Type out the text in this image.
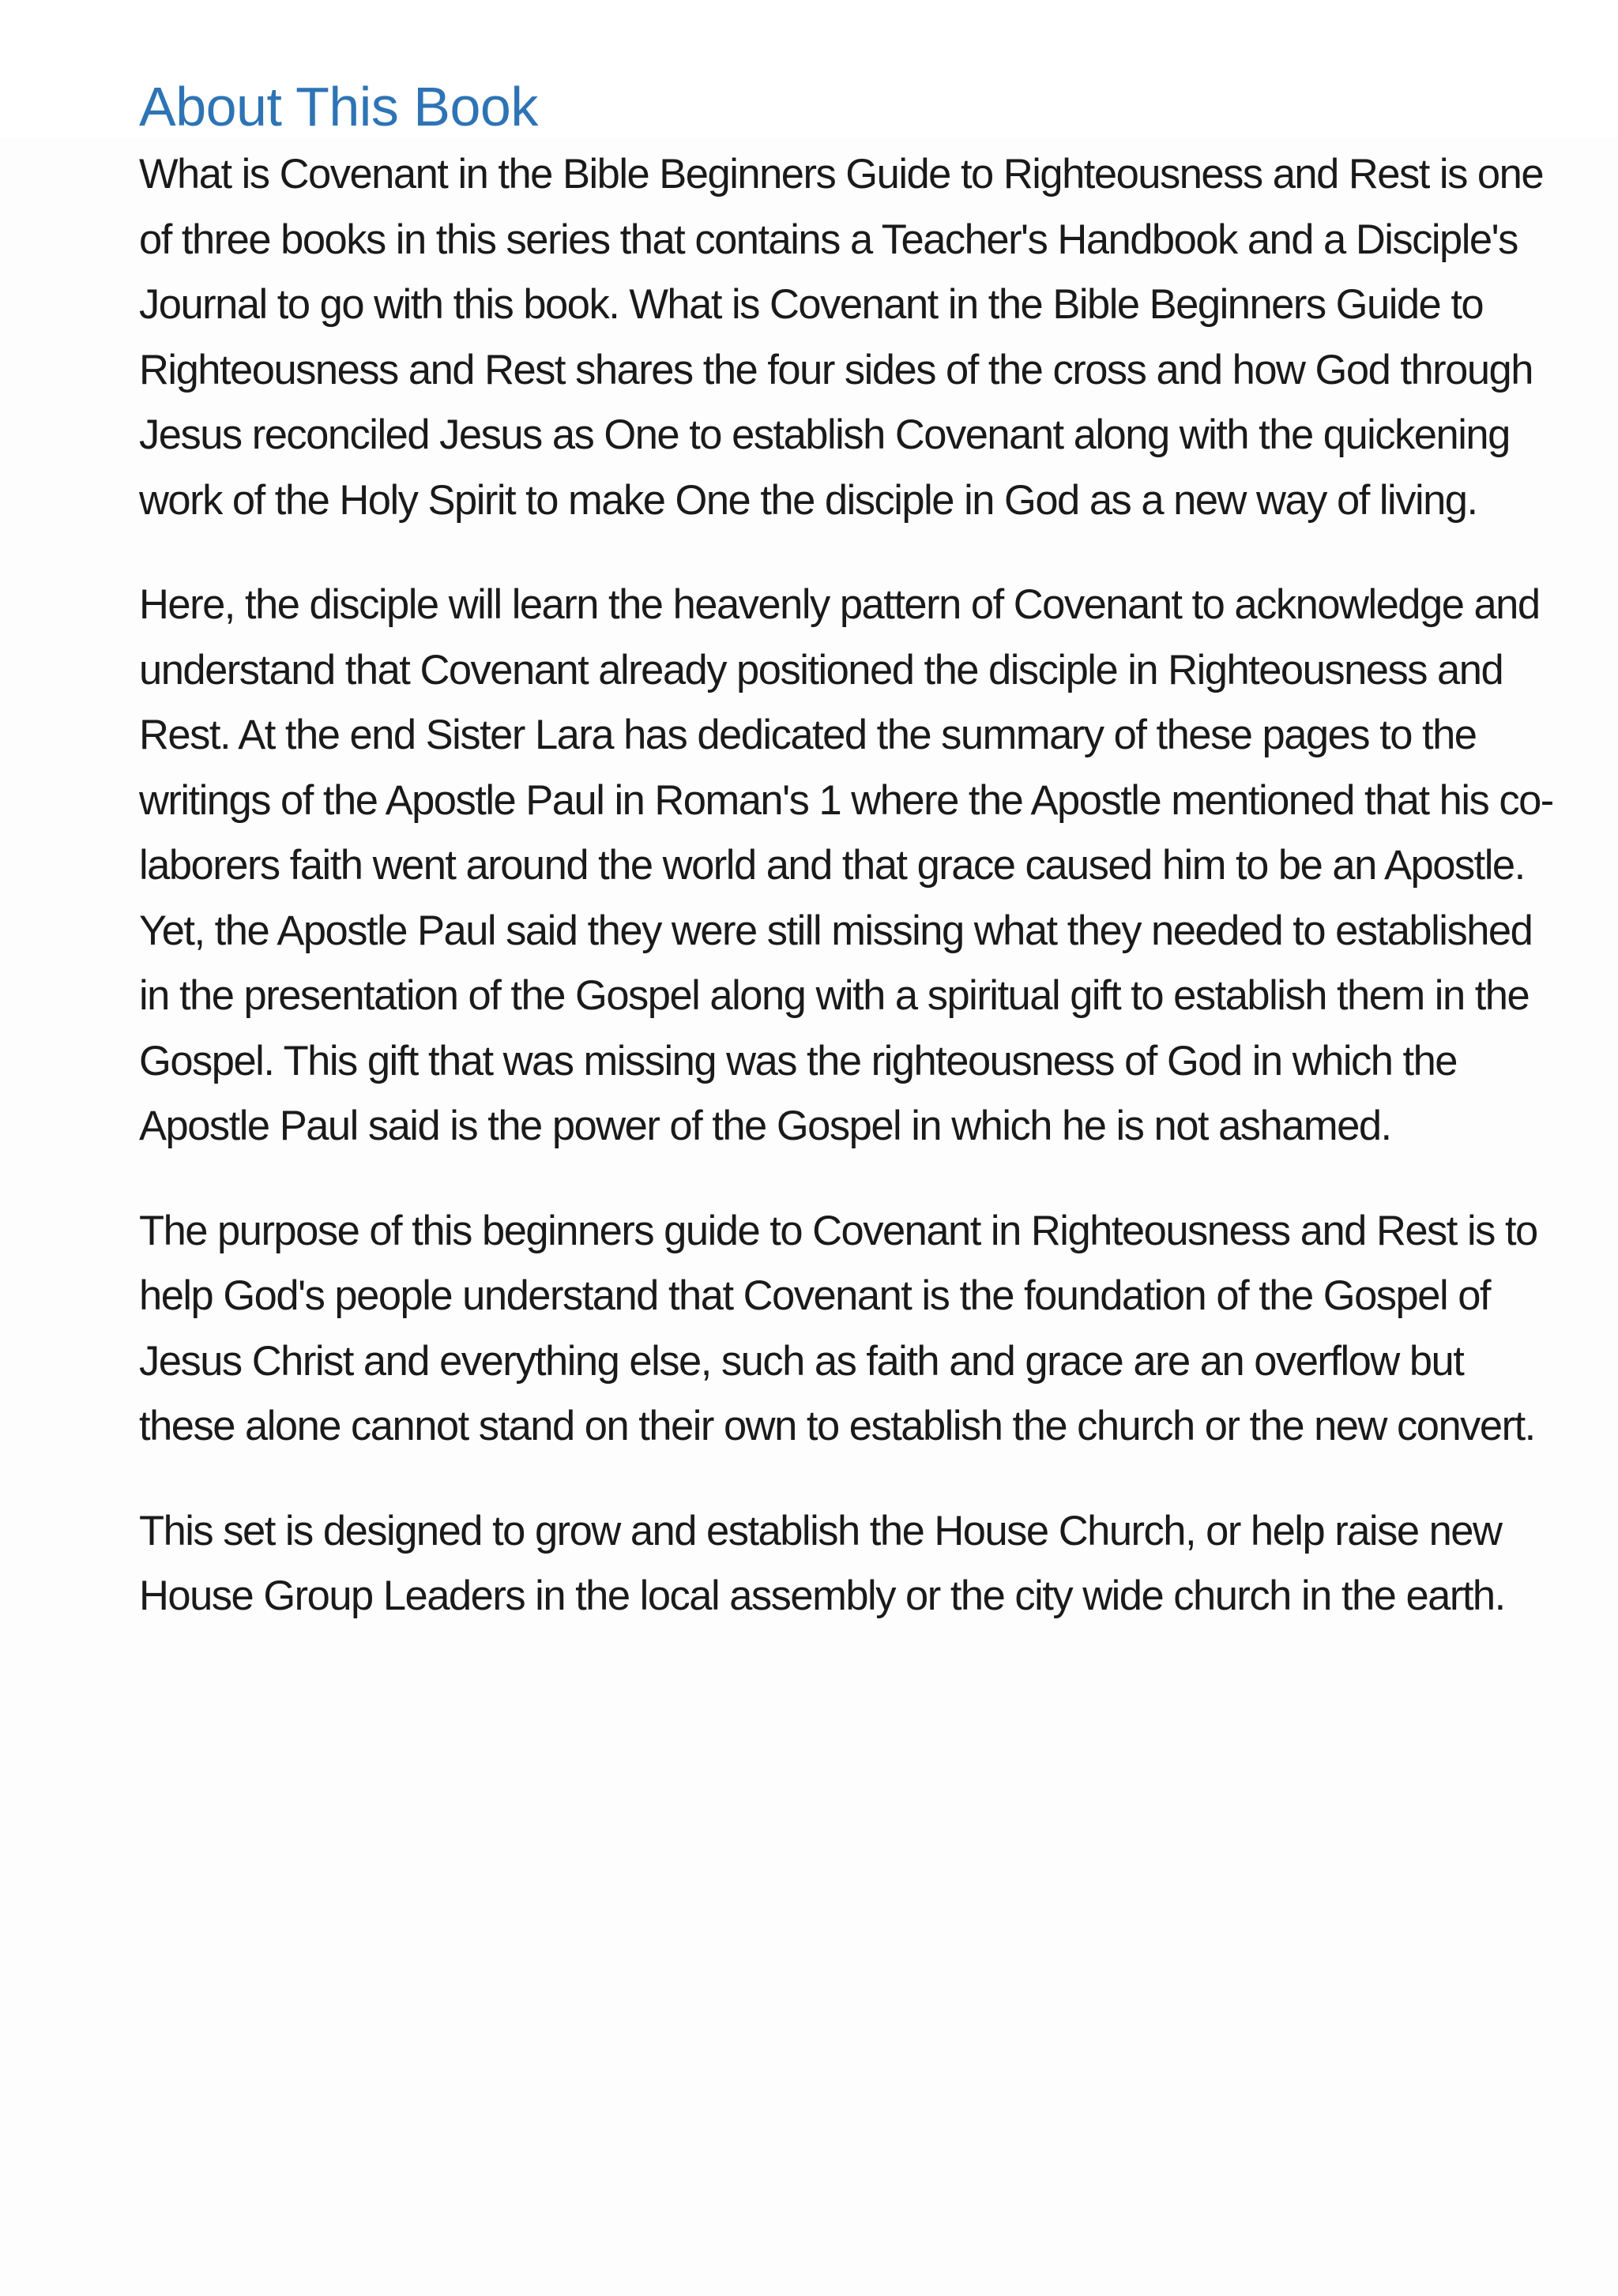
About This Book

What is Covenant in the Bible Beginners Guide to Righteousness and Rest is one of three books in this series that contains a Teacher's Handbook and a Disciple's Journal to go with this book. What is Covenant in the Bible Beginners Guide to Righteousness and Rest shares the four sides of the cross and how God through Jesus reconciled Jesus as One to establish Covenant along with the quickening work of the Holy Spirit to make One the disciple in God as a new way of living.

Here, the disciple will learn the heavenly pattern of Covenant to acknowledge and understand that Covenant already positioned the disciple in Righteousness and Rest. At the end Sister Lara has dedicated the summary of these pages to the writings of the Apostle Paul in Roman's 1 where the Apostle mentioned that his co-laborers faith went around the world and that grace caused him to be an Apostle. Yet, the Apostle Paul said they were still missing what they needed to established in the presentation of the Gospel along with a spiritual gift to establish them in the Gospel. This gift that was missing was the righteousness of God in which the Apostle Paul said is the power of the Gospel in which he is not ashamed.

The purpose of this beginners guide to Covenant in Righteousness and Rest is to help God's people understand that Covenant is the foundation of the Gospel of Jesus Christ and everything else, such as faith and grace are an overflow but these alone cannot stand on their own to establish the church or the new convert.

This set is designed to grow and establish the House Church, or help raise new House Group Leaders in the local assembly or the city wide church in the earth.
